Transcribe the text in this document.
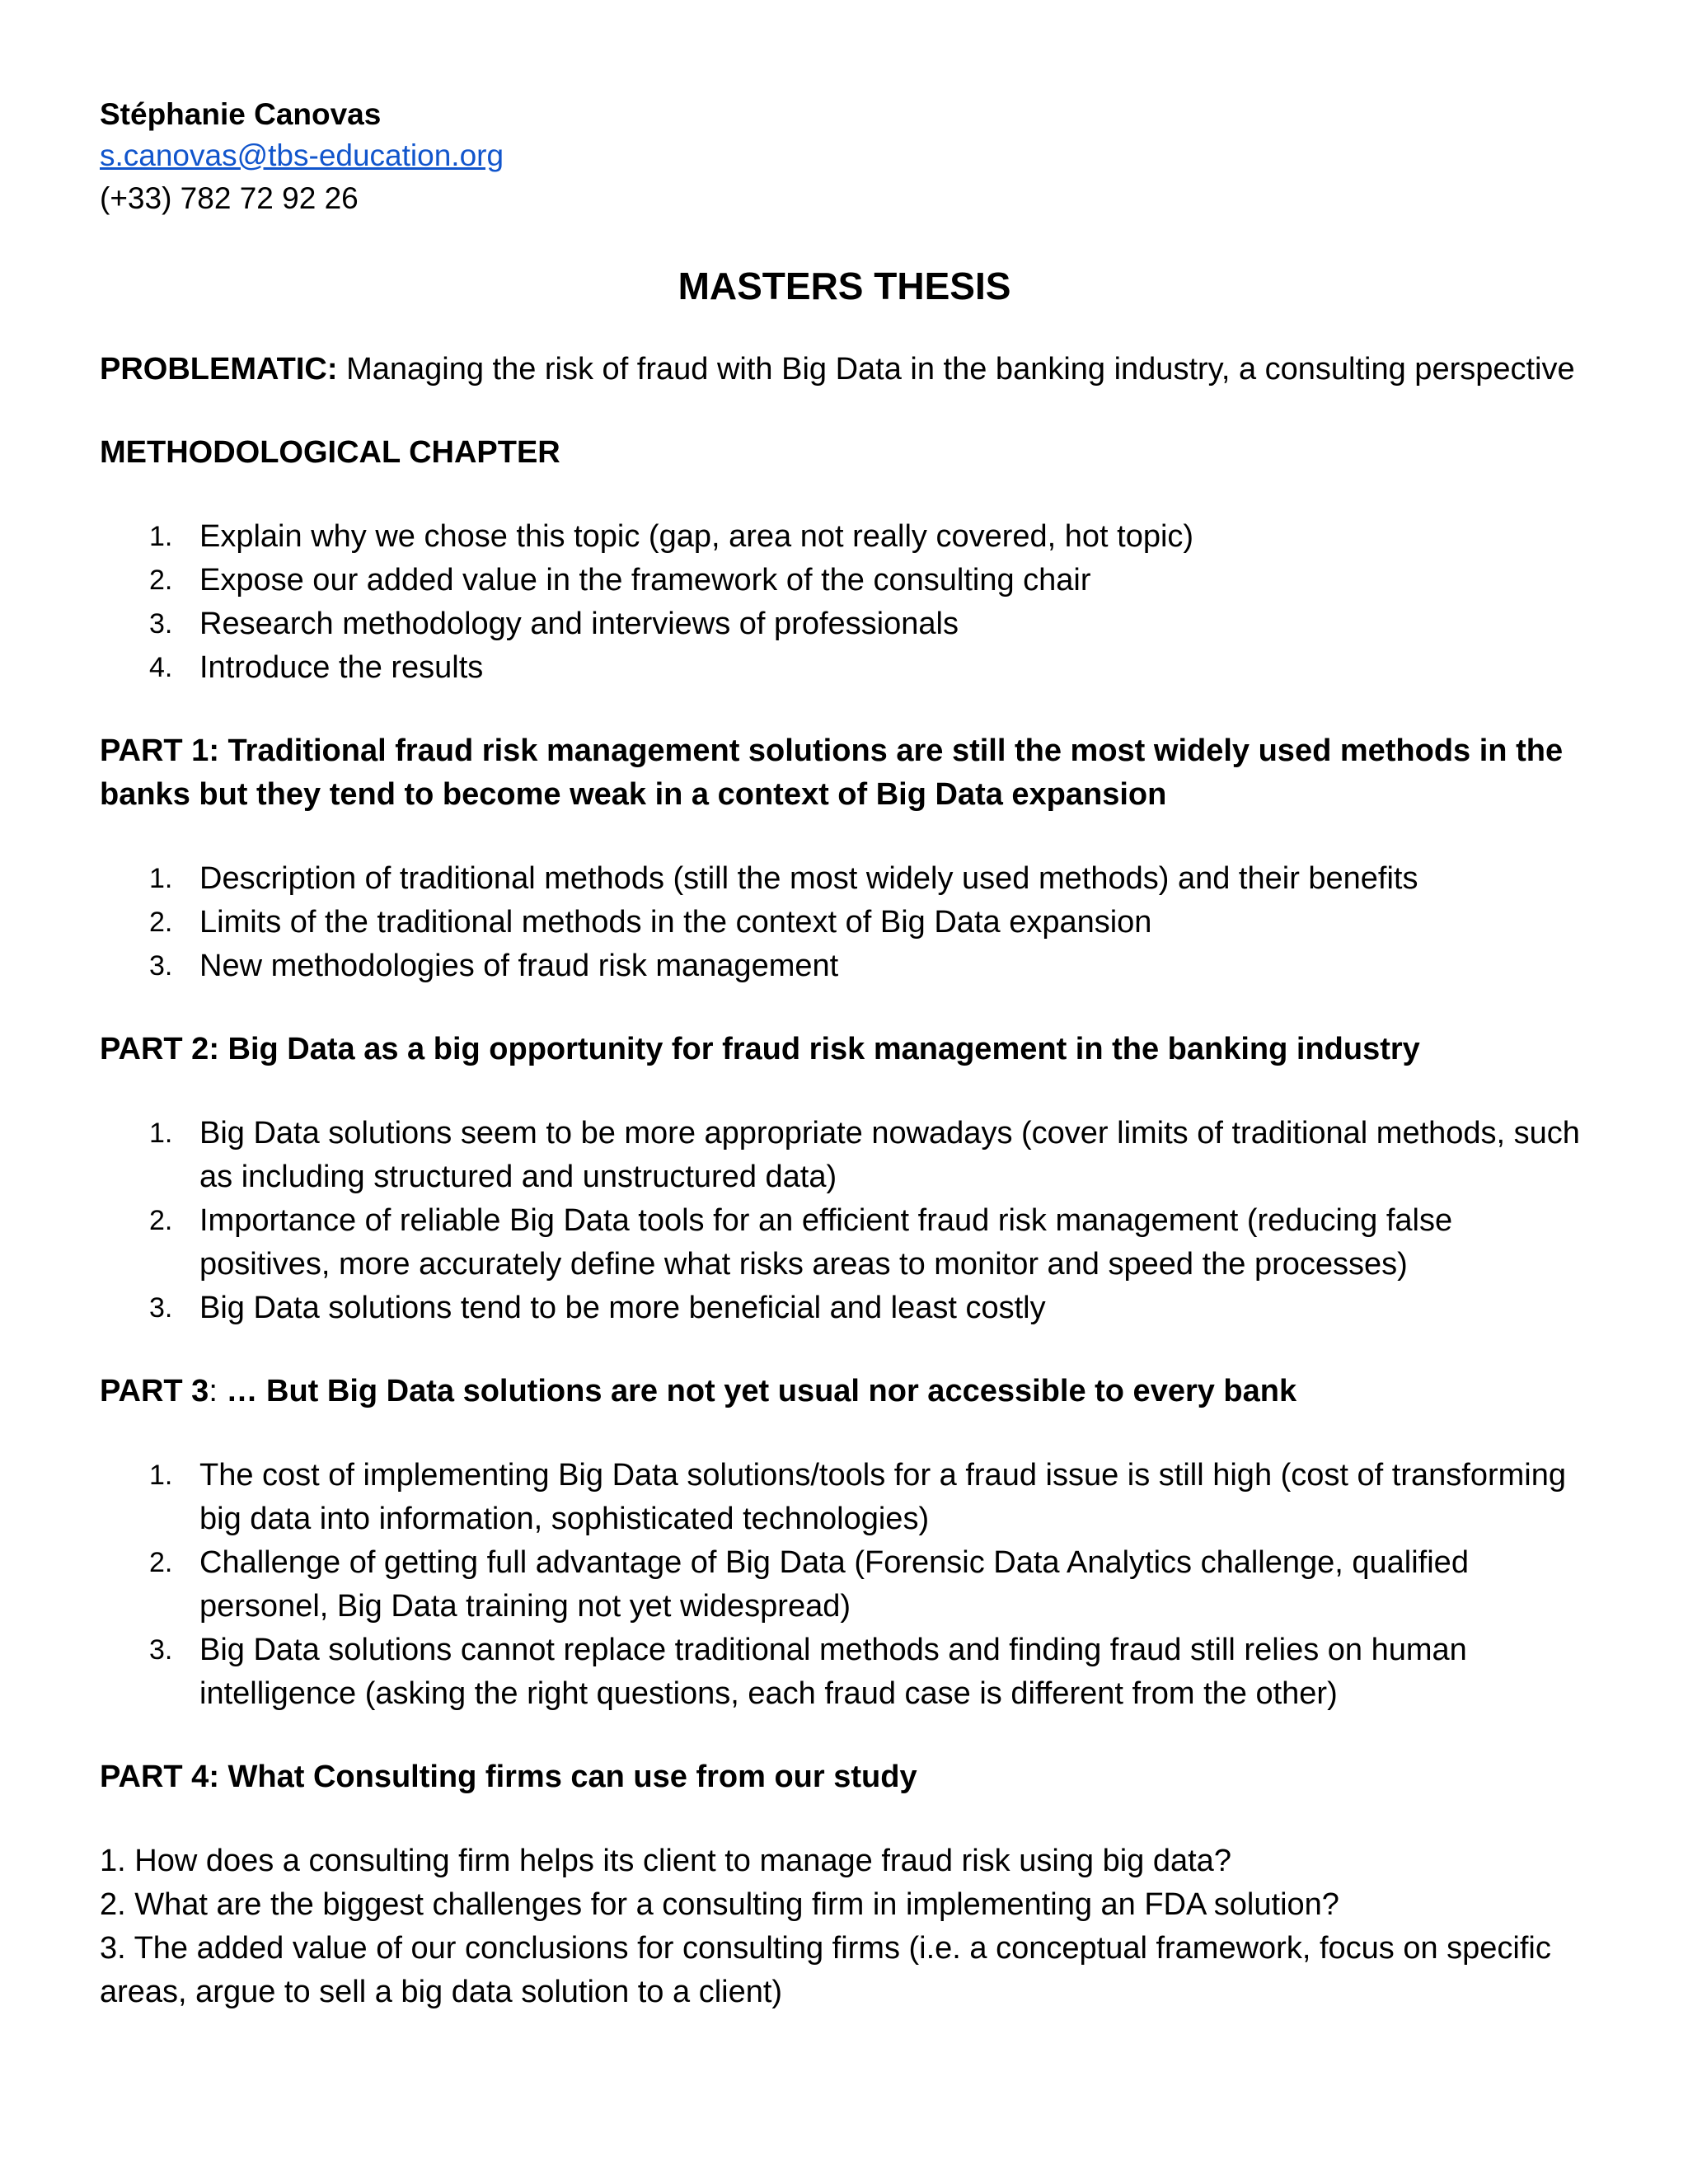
Stéphanie Canovas
s.canovas@tbs-education.org
(+33) 782 72 92 26
MASTERS THESIS
PROBLEMATIC: Managing the risk of fraud with Big Data in the banking industry, a consulting perspective
METHODOLOGICAL CHAPTER
1. Explain why we chose this topic (gap, area not really covered, hot topic)
2. Expose our added value in the framework of the consulting chair
3. Research methodology and interviews of professionals
4. Introduce the results
PART 1: Traditional fraud risk management solutions are still the most widely used methods in the banks but they tend to become weak in a context of Big Data expansion
1. Description of traditional methods (still the most widely used methods) and their benefits
2. Limits of the traditional methods in the context of Big Data expansion
3. New methodologies of fraud risk management
PART 2: Big Data as a big opportunity for fraud risk management in the banking industry
1. Big Data solutions seem to be more appropriate nowadays (cover limits of traditional methods, such as including structured and unstructured data)
2. Importance of reliable Big Data tools for an efficient fraud risk management (reducing false positives, more accurately define what risks areas to monitor and speed the processes)
3. Big Data solutions tend to be more beneficial and least costly
PART 3: … But Big Data solutions are not yet usual nor accessible to every bank
1. The cost of implementing Big Data solutions/tools for a fraud issue is still high (cost of transforming big data into information, sophisticated technologies)
2. Challenge of getting full advantage of Big Data (Forensic Data Analytics challenge, qualified personel, Big Data training not yet widespread)
3. Big Data solutions cannot replace traditional methods and finding fraud still relies on human intelligence (asking the right questions, each fraud case is different from the other)
PART 4: What Consulting firms can use from our study
1. How does a consulting firm helps its client to manage fraud risk using big data?
2. What are the biggest challenges for a consulting firm in implementing an FDA solution?
3. The added value of our conclusions for consulting firms (i.e. a conceptual framework, focus on specific areas, argue to sell a big data solution to a client)
